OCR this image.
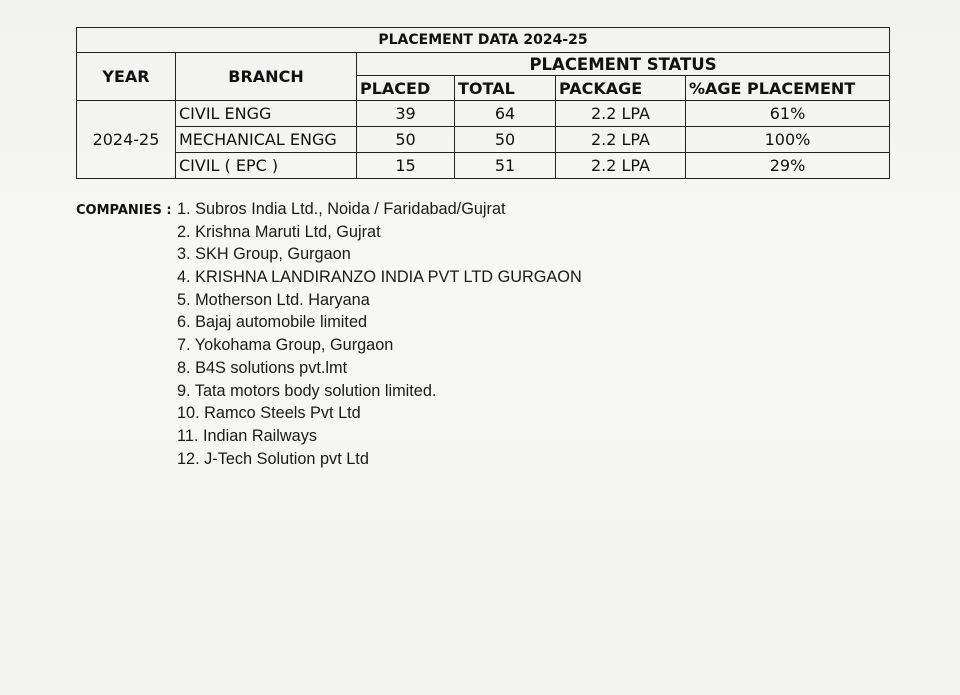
PLACEMENT DATA 2024-25					
YEAR	BRANCH	PLACEMENT STATUS			
		PLACED	TOTAL	PACKAGE	%AGE PLACEMENT
2024-25	CIVIL ENGG	39	64	2.2 LPA	61%
	MECHANICAL ENGG	50	50	2.2 LPA	100%
	CIVIL ( EPC )	15	51	2.2 LPA	29%
COMPANIES : 1. Subros India Ltd., Noida / Faridabad/Gujrat
2. Krishna Maruti Ltd, Gujrat
3. SKH Group, Gurgaon
4. KRISHNA LANDIRANZO INDIA PVT LTD GURGAON
5. Motherson Ltd. Haryana
6. Bajaj automobile limited
7. Yokohama Group, Gurgaon
8. B4S solutions pvt.lmt
9. Tata motors body solution limited.
10. Ramco Steels Pvt Ltd
11. Indian Railways
12. J-Tech Solution pvt Ltd
